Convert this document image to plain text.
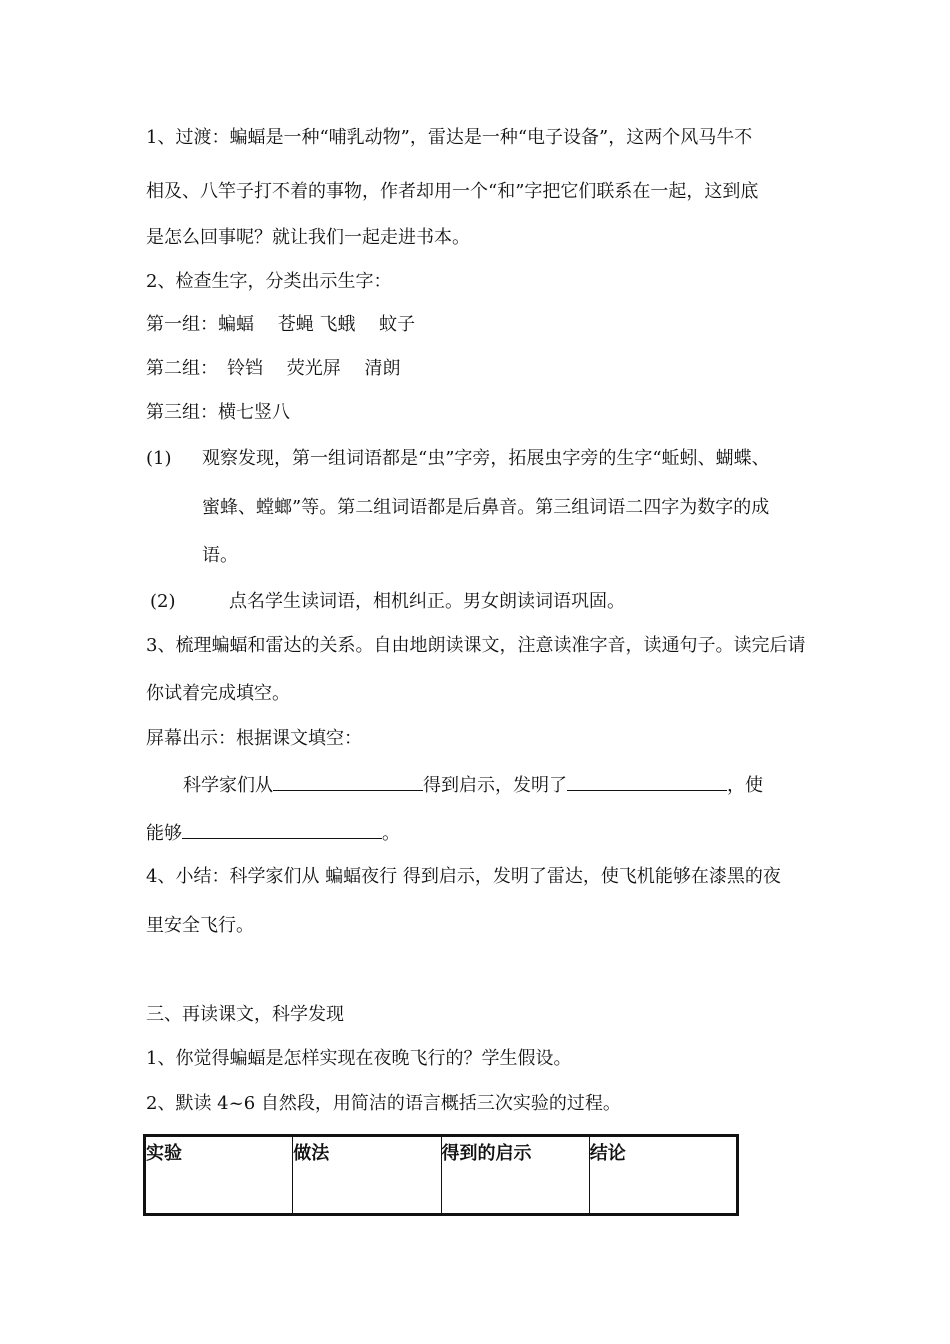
1、过渡：蝙蝠是一种“哺乳动物”，雷达是一种“电子设备”，这两个风马牛不
相及、八竿子打不着的事物，作者却用一个“和”字把它们联系在一起，这到底
是怎么回事呢？就让我们一起走进书本。
2、检查生字，分类出示生字：
第一组：蝙蝠　 苍蝇 飞蛾　 蚊子
第二组：　铃铛　 荧光屏　 清朗
第三组：横七竖八
(1) 观察发现，第一组词语都是“虫”字旁，拓展虫字旁的生字“蚯蚓、蝴蝶、
蜜蜂、螳螂”等。第二组词语都是后鼻音。第三组词语二四字为数字的成
语。
(2)	点名学生读词语，相机纠正。男女朗读词语巩固。
3、梳理蝙蝠和雷达的关系。自由地朗读课文，注意读准字音，读通句子。读完后请
你试着完成填空。
屏幕出示：根据课文填空：
科学家们从	得到启示，发明了	，使
能够	。
4、小结：科学家们从 蝙蝠夜行 得到启示，发明了雷达，使飞机能够在漆黑的夜
里安全飞行。
三、再读课文，科学发现
1、你觉得蝙蝠是怎样实现在夜晚飞行的？学生假设。
2、默读 4~6 自然段，用简洁的语言概括三次实验的过程。
实验	做法	得到的启示	结论
